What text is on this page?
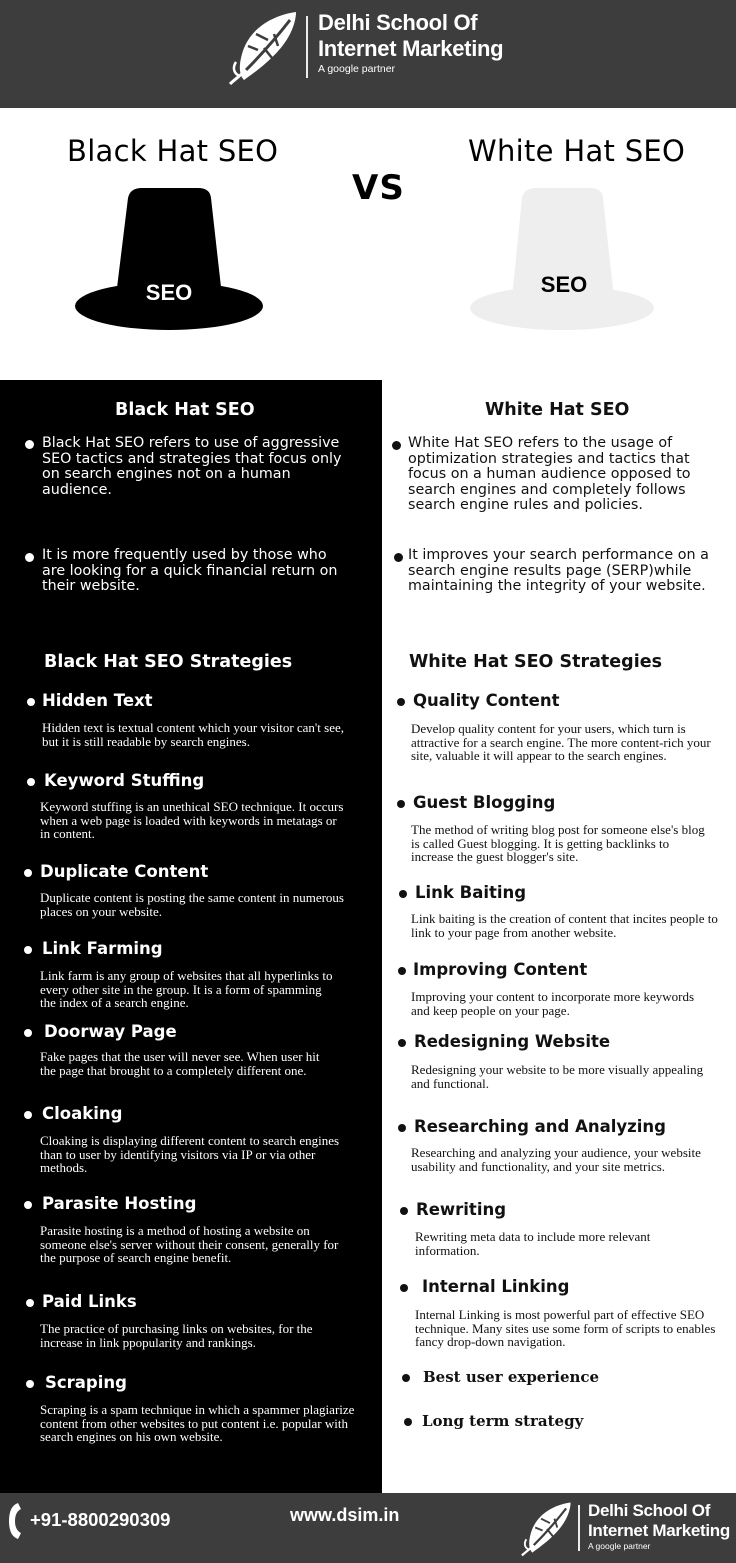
Delhi School Of
Internet Marketing
A google partner
Black Hat SEO
VS
White Hat SEO
SEO	SEO
Black Hat SEO
Black Hat SEO refers to use of aggressive SEO tactics and strategies that focus only on search engines not on a human audience.
It is more frequently used by those who are looking for a quick financial return on their website.
Black Hat SEO Strategies
Hidden Text
Hidden text is textual content which your visitor can't see, but it is still readable by search engines.
Keyword Stuffing
Keyword stuffing is an unethical SEO technique. It occurs when a web page is loaded with keywords in metatags or in content.
Duplicate Content
Duplicate content is posting the same content in numerous places on your website.
Link Farming
Link farm is any group of websites that all hyperlinks to every other site in the group. It is a form of spamming the index of a search engine.
Doorway Page
Fake pages that the user will never see. When user hit the page that brought to a completely different one.
Cloaking
Cloaking is displaying different content to search engines than to user by identifying visitors via IP or via other methods.
Parasite Hosting
Parasite hosting is a method of hosting a website on someone else's server without their consent, generally for the purpose of search engine benefit.
Paid Links
The practice of purchasing links on websites, for the increase in link ppopularity and rankings.
Scraping
Scraping is a spam technique in which a spammer plagiarize content from other websites to put content i.e. popular with search engines on his own website.
White Hat SEO
White Hat SEO refers to the usage of optimization strategies and tactics that focus on a human audience opposed to search engines and completely follows search engine rules and policies.
It improves your search performance on a search engine results page (SERP)while maintaining the integrity of your website.
White Hat SEO Strategies
Quality Content
Develop quality content for your users, which turn is attractive for a search engine. The more content-rich your site, valuable it will appear to the search engines.
Guest Blogging
The method of writing blog post for someone else's blog is called Guest blogging. It is getting backlinks to increase the guest blogger's site.
Link Baiting
Link baiting is the creation of content that incites people to link to your page from another website.
Improving Content
Improving your content to incorporate more keywords and keep people on your page.
Redesigning Website
Redesigning your website to be more visually appealing and functional.
Researching and Analyzing
Researching and analyzing your audience, your website usability and functionality, and your site metrics.
Rewriting
Rewriting meta data to include more relevant information.
Internal Linking
Internal Linking is most powerful part of effective SEO technique. Many sites use some form of scripts to enables fancy drop-down navigation.
Best user experience
Long term strategy
+91-8800290309	www.dsim.in	Delhi School Of
Internet Marketing
A google partner
